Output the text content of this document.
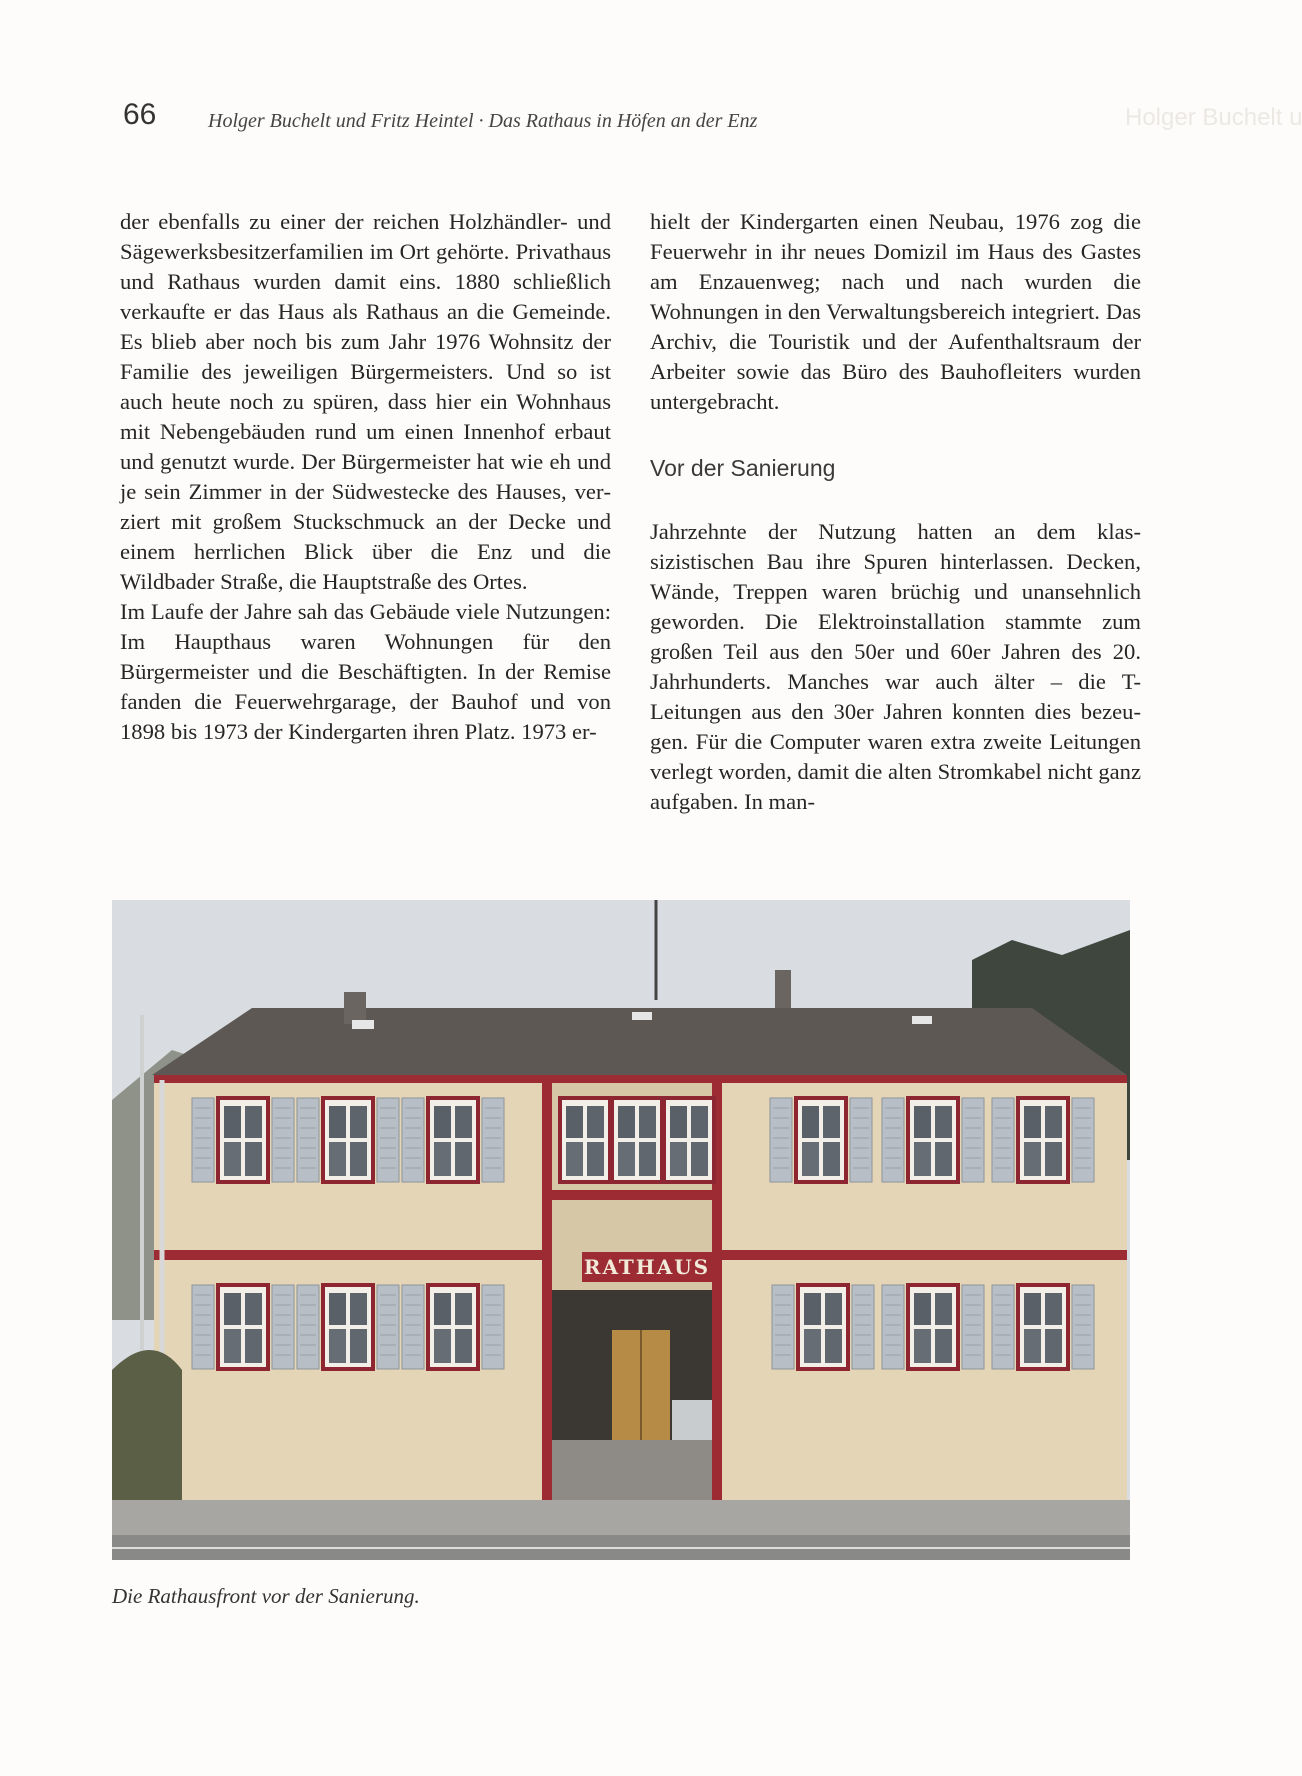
Holger Buchelt u
66	Holger Buchelt und Fritz Heintel · Das Rathaus in Höfen an der Enz

der ebenfalls zu einer der reichen Holzhändler- und Sägewerksbesitzerfamilien im Ort gehörte. Privathaus und Rathaus wurden damit eins. 1880 schließlich verkaufte er das Haus als Rathaus an die Gemeinde. Es blieb aber noch bis zum Jahr 1976 Wohnsitz der Familie des jeweiligen Bürgermeisters. Und so ist auch heute noch zu spüren, dass hier ein Wohnhaus mit Nebengebäuden rund um einen Innenhof erbaut und genutzt wurde. Der Bürgermeister hat wie eh und je sein Zimmer in der Südwestecke des Hauses, verziert mit großem Stuckschmuck an der Decke und einem herrlichen Blick über die Enz und die Wildbader Straße, die Hauptstraße des Ortes.

Im Laufe der Jahre sah das Gebäude viele Nutzungen: Im Haupthaus waren Wohnungen für den Bürgermeister und die Beschäftigten. In der Remise fanden die Feuerwehrgarage, der Bauhof und von 1898 bis 1973 der Kindergarten ihren Platz. 1973 er-

hielt der Kindergarten einen Neubau, 1976 zog die Feuerwehr in ihr neues Domizil im Haus des Gastes am Enzauenweg; nach und nach wurden die Wohnungen in den Verwaltungsbereich integriert. Das Archiv, die Touristik und der Aufenthaltsraum der Arbeiter sowie das Büro des Bauhofleiters wurden untergebracht.

Vor der Sanierung

Jahrzehnte der Nutzung hatten an dem klassizistischen Bau ihre Spuren hinterlassen. Decken, Wände, Treppen waren brüchig und unansehnlich geworden. Die Elektroinstallation stammte zum großen Teil aus den 50er und 60er Jahren des 20. Jahrhunderts. Manches war auch älter – die T-Leitungen aus den 30er Jahren konnten dies bezeugen. Für die Computer waren extra zweite Leitungen verlegt worden, damit die alten Stromkabel nicht ganz aufgaben. In man-

RATHAUS
Die Rathausfront vor der Sanierung.
